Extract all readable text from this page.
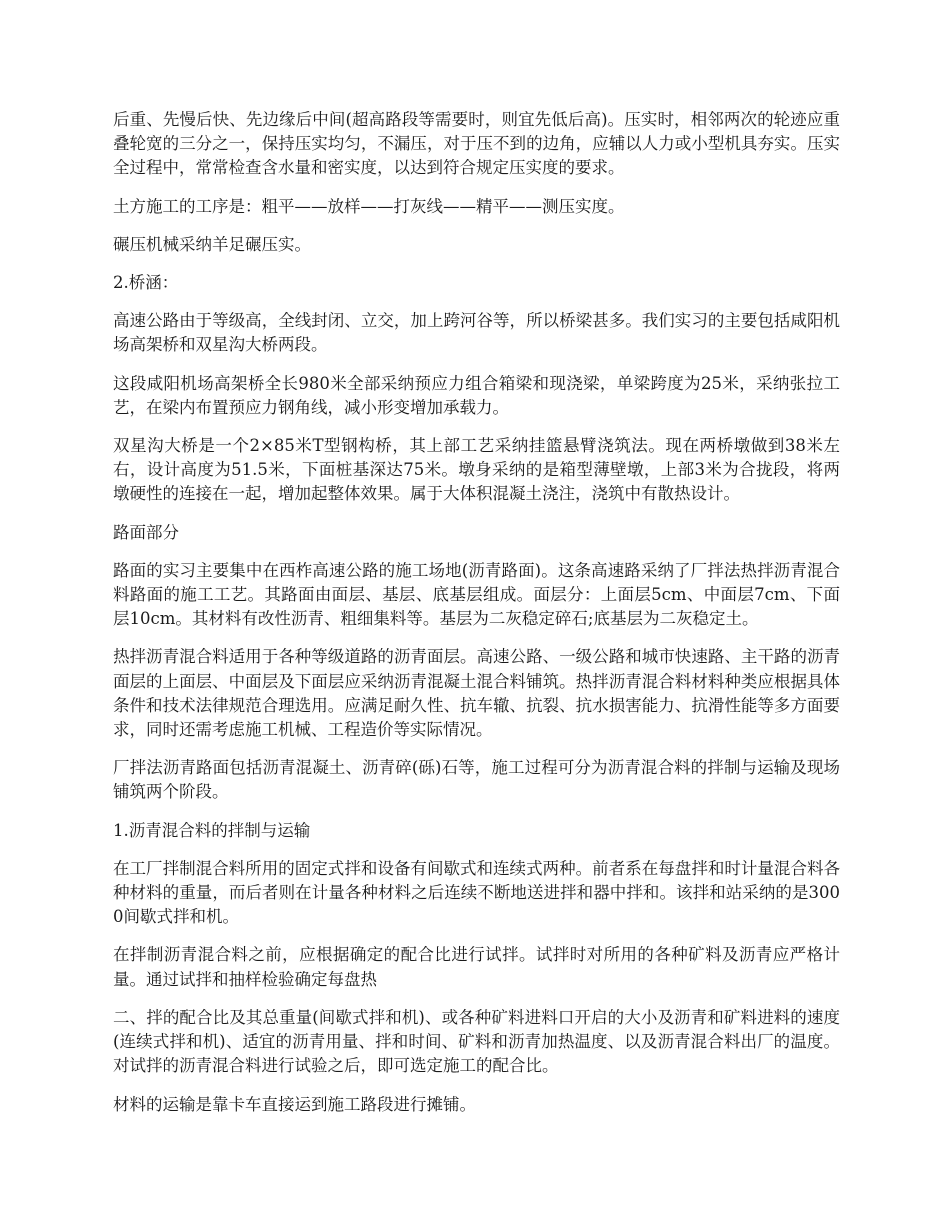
后重、先慢后快、先边缘后中间(超高路段等需要时，则宜先低后高)。压实时，相邻两次的轮迹应重叠轮宽的三分之一，保持压实均匀，不漏压，对于压不到的边角，应辅以人力或小型机具夯实。压实全过程中，常常检查含水量和密实度，以达到符合规定压实度的要求。

土方施工的工序是：粗平——放样——打灰线——精平——测压实度。

碾压机械采纳羊足碾压实。

2.桥涵：

高速公路由于等级高，全线封闭、立交，加上跨河谷等，所以桥梁甚多。我们实习的主要包括咸阳机场高架桥和双星沟大桥两段。

这段咸阳机场高架桥全长980米全部采纳预应力组合箱梁和现浇梁，单梁跨度为25米，采纳张拉工艺，在梁内布置预应力钢角线，减小形变增加承载力。

双星沟大桥是一个2×85米T型钢构桥，其上部工艺采纳挂篮悬臂浇筑法。现在两桥墩做到38米左右，设计高度为51.5米，下面桩基深达75米。墩身采纳的是箱型薄壁墩，上部3米为合拢段，将两墩硬性的连接在一起，增加起整体效果。属于大体积混凝土浇注，浇筑中有散热设计。

路面部分

路面的实习主要集中在西柞高速公路的施工场地(沥青路面)。这条高速路采纳了厂拌法热拌沥青混合料路面的施工工艺。其路面由面层、基层、底基层组成。面层分：上面层5cm、中面层7cm、下面层10cm。其材料有改性沥青、粗细集料等。基层为二灰稳定碎石;底基层为二灰稳定土。

热拌沥青混合料适用于各种等级道路的沥青面层。高速公路、一级公路和城市快速路、主干路的沥青面层的上面层、中面层及下面层应采纳沥青混凝土混合料铺筑。热拌沥青混合料材料种类应根据具体条件和技术法律规范合理选用。应满足耐久性、抗车辙、抗裂、抗水损害能力、抗滑性能等多方面要求，同时还需考虑施工机械、工程造价等实际情况。

厂拌法沥青路面包括沥青混凝土、沥青碎(砾)石等，施工过程可分为沥青混合料的拌制与运输及现场铺筑两个阶段。

1.沥青混合料的拌制与运输

在工厂拌制混合料所用的固定式拌和设备有间歇式和连续式两种。前者系在每盘拌和时计量混合料各种材料的重量，而后者则在计量各种材料之后连续不断地送进拌和器中拌和。该拌和站采纳的是3000间歇式拌和机。

在拌制沥青混合料之前，应根据确定的配合比进行试拌。试拌时对所用的各种矿料及沥青应严格计量。通过试拌和抽样检验确定每盘热

二、拌的配合比及其总重量(间歇式拌和机)、或各种矿料进料口开启的大小及沥青和矿料进料的速度(连续式拌和机)、适宜的沥青用量、拌和时间、矿料和沥青加热温度、以及沥青混合料出厂的温度。对试拌的沥青混合料进行试验之后，即可选定施工的配合比。

材料的运输是靠卡车直接运到施工路段进行摊铺。
